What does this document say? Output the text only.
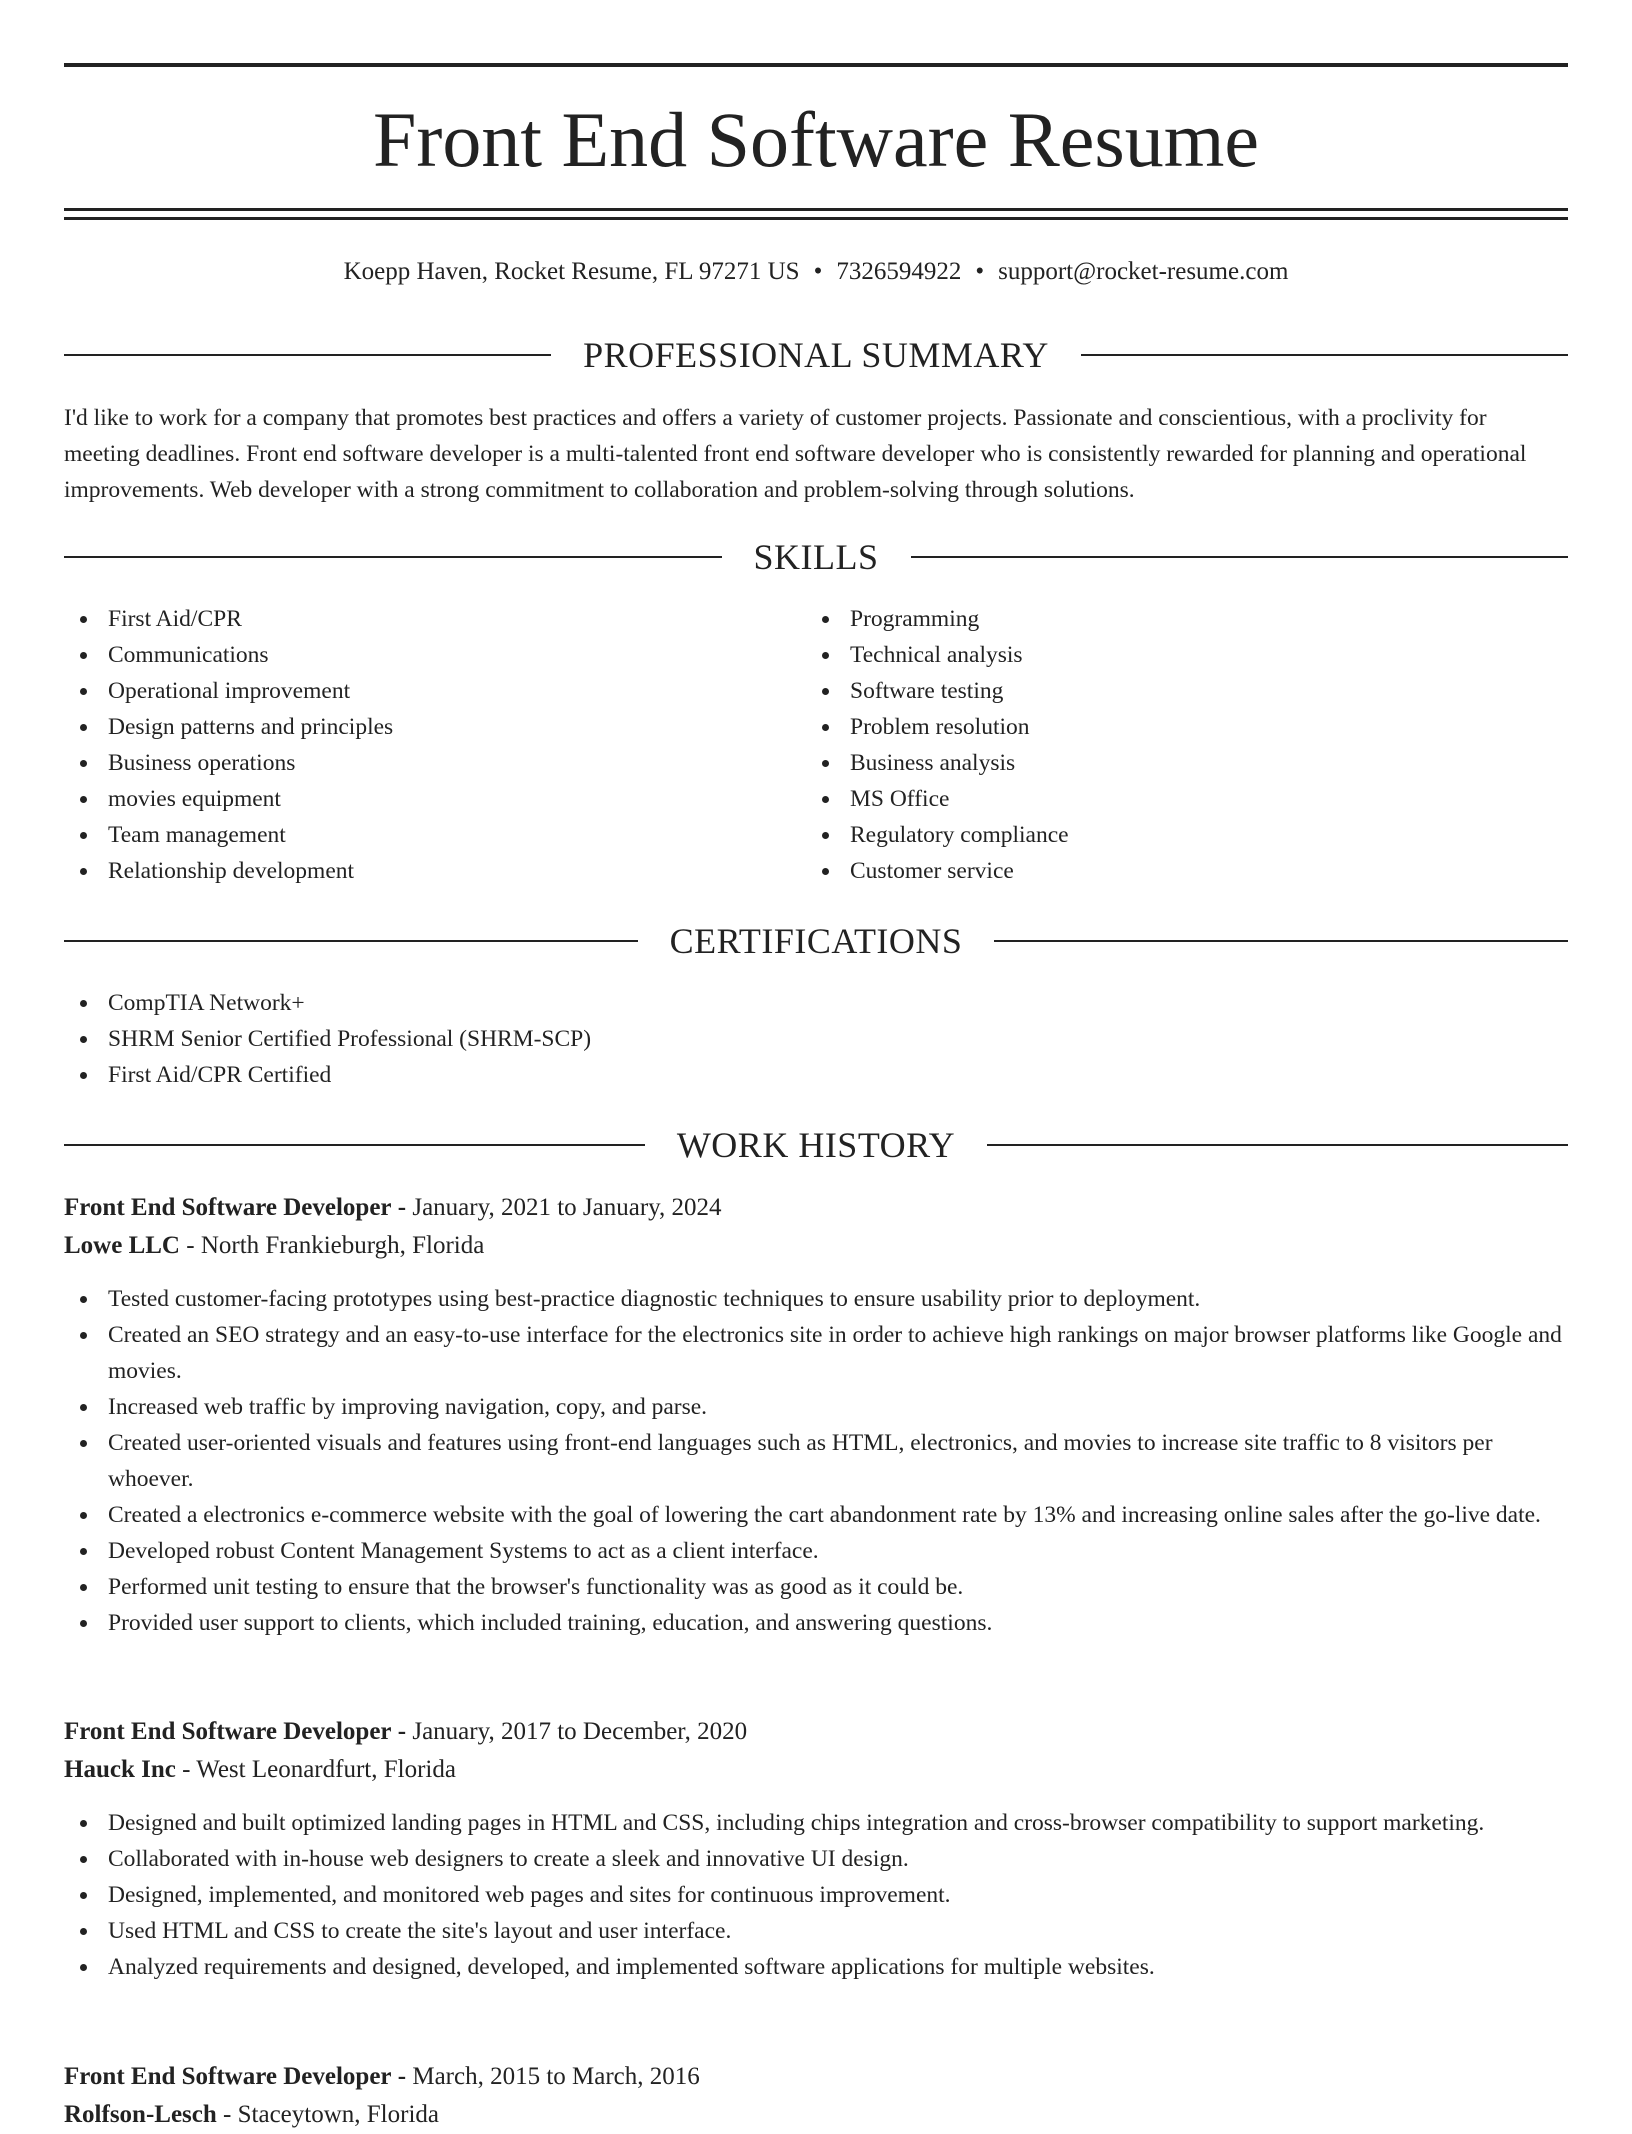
Front End Software Resume
Koepp Haven, Rocket Resume, FL 97271 US • 7326594922 • support@rocket-resume.com
PROFESSIONAL SUMMARY

I'd like to work for a company that promotes best practices and offers a variety of customer projects. Passionate and conscientious, with a proclivity for meeting deadlines. Front end software developer is a multi-talented front end software developer who is consistently rewarded for planning and operational improvements. Web developer with a strong commitment to collaboration and problem-solving through solutions.

SKILLS
First Aid/CPR
Communications
Operational improvement
Design patterns and principles
Business operations
movies equipment
Team management
Relationship development
Programming
Technical analysis
Software testing
Problem resolution
Business analysis
MS Office
Regulatory compliance
Customer service
CERTIFICATIONS
CompTIA Network+
SHRM Senior Certified Professional (SHRM-SCP)
First Aid/CPR Certified
WORK HISTORY
Front End Software Developer - January, 2021 to January, 2024
Lowe LLC - North Frankieburgh, Florida
Tested customer-facing prototypes using best-practice diagnostic techniques to ensure usability prior to deployment.
Created an SEO strategy and an easy-to-use interface for the electronics site in order to achieve high rankings on major browser platforms like Google and movies.
Increased web traffic by improving navigation, copy, and parse.
Created user-oriented visuals and features using front-end languages such as HTML, electronics, and movies to increase site traffic to 8 visitors per whoever.
Created a electronics e-commerce website with the goal of lowering the cart abandonment rate by 13% and increasing online sales after the go-live date.
Developed robust Content Management Systems to act as a client interface.
Performed unit testing to ensure that the browser's functionality was as good as it could be.
Provided user support to clients, which included training, education, and answering questions.
Front End Software Developer - January, 2017 to December, 2020
Hauck Inc - West Leonardfurt, Florida
Designed and built optimized landing pages in HTML and CSS, including chips integration and cross-browser compatibility to support marketing.
Collaborated with in-house web designers to create a sleek and innovative UI design.
Designed, implemented, and monitored web pages and sites for continuous improvement.
Used HTML and CSS to create the site's layout and user interface.
Analyzed requirements and designed, developed, and implemented software applications for multiple websites.
Front End Software Developer - March, 2015 to March, 2016
Rolfson-Lesch - Staceytown, Florida
